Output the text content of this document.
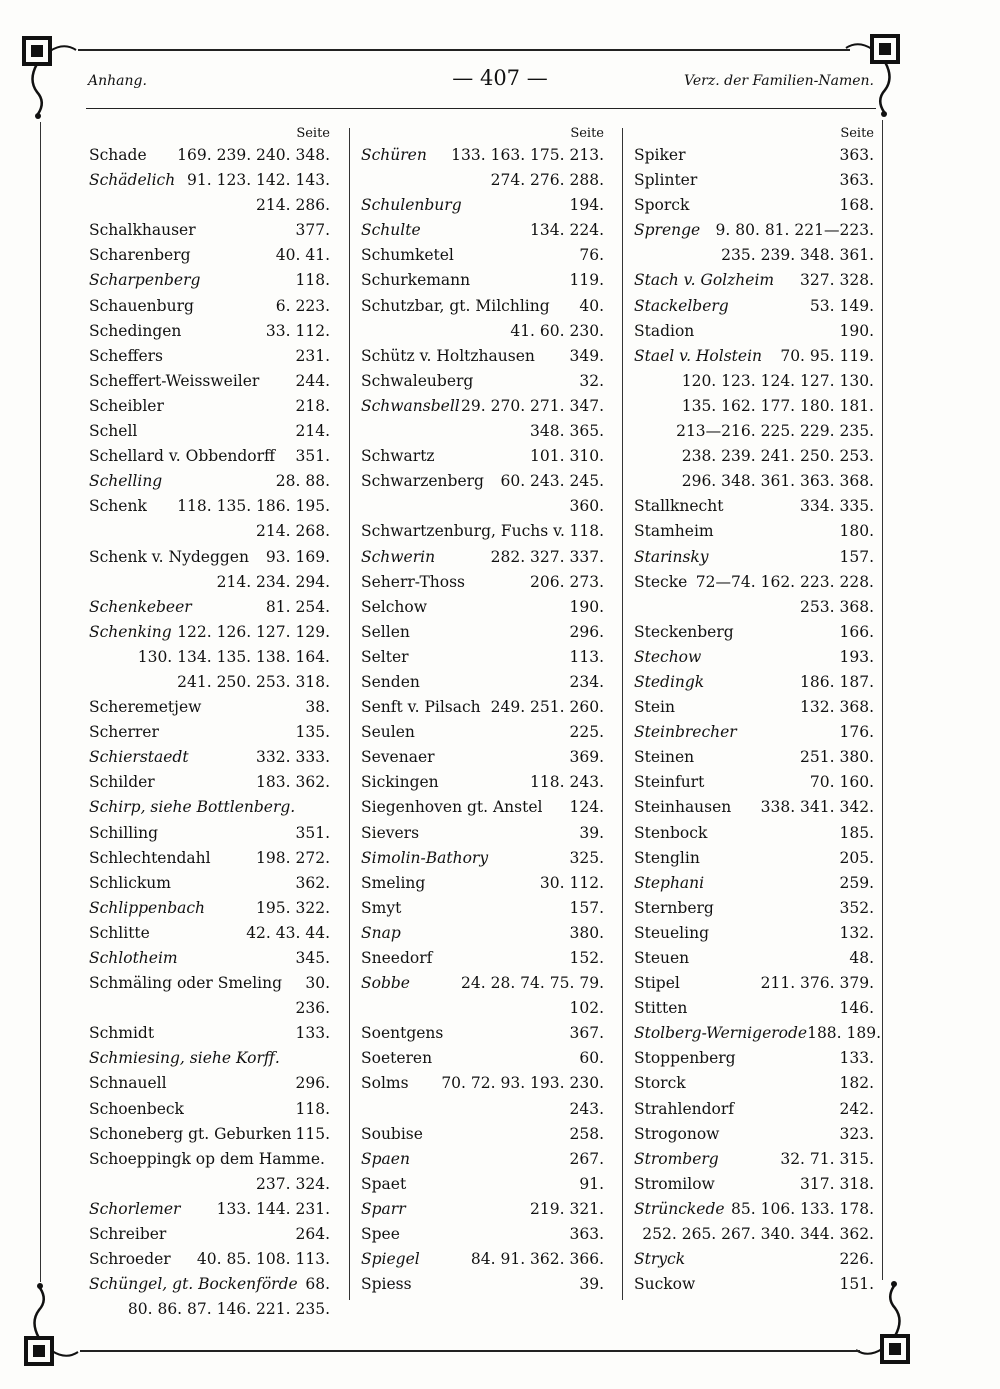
Anhang.	— 407 —	Verz. der Familien-Namen.
Seite
Schade 169. 239. 240. 348.
Schädelich 91. 123. 142. 143.
214. 286.
Schalkhauser	377.
Scharenberg	40. 41.
Scharpenberg	118.
Schauenburg	6. 223.
Schedingen	33. 112.
Scheffers	231.
Scheffert-Weissweiler 244.
Scheibler	218.
Schell	214.
Schellard v. Obbendorff 351.
Schelling	28. 88.
Schenk 118. 135. 186. 195.
214. 268.
Schenk v. Nydeggen 93. 169.
214. 234. 294.
Schenkebeer	81. 254.
Schenking 122. 126. 127. 129.
130. 134. 135. 138. 164.
241. 250. 253. 318.
Scheremetjew	38.
Scherrer	135.
Schierstaedt	332. 333.
Schilder	183. 362.
Schirp, siehe Bottlenberg.
Schilling	351.
Schlechtendahl	198. 272.
Schlickum	362.
Schlippenbach	195. 322.
Schlitte	42. 43. 44.
Schlotheim	345.
Schmäling oder Smeling 30.
236.
Schmidt	133.
Schmiesing, siehe Korff.
Schnauell	296.
Schoenbeck	118.
Schoneberg gt. Geburken 115.
Schoeppingk op dem Hamme.
237. 324.
Schorlemer 133. 144. 231.
Schreiber	264.
Schroeder 40. 85. 108. 113.
Schüngel, gt. Bockenförde 68.
80. 86. 87. 146. 221. 235.
Seite
Schüren 133. 163. 175. 213.
274. 276. 288.
Schulenburg	194.
Schulte	134. 224.
Schumketel	76.
Schurkemann	119.
Schutzbar, gt. Milchling 40.
41. 60. 230.
Schütz v. Holtzhausen 349.
Schwaleuberg	32.
Schwansbell 29. 270. 271. 347.
348. 365.
Schwartz	101. 310.
Schwarzenberg 60. 243. 245.
360.
Schwartzenburg, Fuchs v. 118.
Schwerin	282. 327. 337.
Seherr-Thoss	206. 273.
Selchow	190.
Sellen	296.
Selter	113.
Senden	234.
Senft v. Pilsach 249. 251. 260.
Seulen	225.
Sevenaer	369.
Sickingen	118. 243.
Siegenhoven gt. Anstel 124.
Sievers	39.
Simolin-Bathory	325.
Smeling	30. 112.
Smyt	157.
Snap	380.
Sneedorf	152.
Sobbe	24. 28. 74. 75. 79.
102.
Soentgens	367.
Soeteren	60.
Solms 70. 72. 93. 193. 230.
243.
Soubise	258.
Spaen	267.
Spaet	91.
Sparr	219. 321.
Spee	363.
Spiegel	84. 91. 362. 366.
Spiess	39.
Seite
Spiker	363.
Splinter	363.
Sporck	168.
Sprenge 9. 80. 81. 221—223.
235. 239. 348. 361.
Stach v. Golzheim 327. 328.
Stackelberg	53. 149.
Stadion	190.
Stael v. Holstein 70. 95. 119.
120. 123. 124. 127. 130.
135. 162. 177. 180. 181.
213—216. 225. 229. 235.
238. 239. 241. 250. 253.
296. 348. 361. 363. 368.
Stallknecht	334. 335.
Stamheim	180.
Starinsky	157.
Stecke 72—74. 162. 223. 228.
253. 368.
Steckenberg	166.
Stechow	193.
Stedingk	186. 187.
Stein	132. 368.
Steinbrecher	176.
Steinen	251. 380.
Steinfurt	70. 160.
Steinhausen 338. 341. 342.
Stenbock	185.
Stenglin	205.
Stephani	259.
Sternberg	352.
Steueling	132.
Steuen	48.
Stipel	211. 376. 379.
Stitten	146.
Stolberg-Wernigerode 188. 189.
Stoppenberg	133.
Storck	182.
Strahlendorf	242.
Strogonow	323.
Stromberg	32. 71. 315.
Stromilow	317. 318.
Strünckede 85. 106. 133. 178.
252. 265. 267. 340. 344. 362.
Stryck	226.
Suckow	151.
